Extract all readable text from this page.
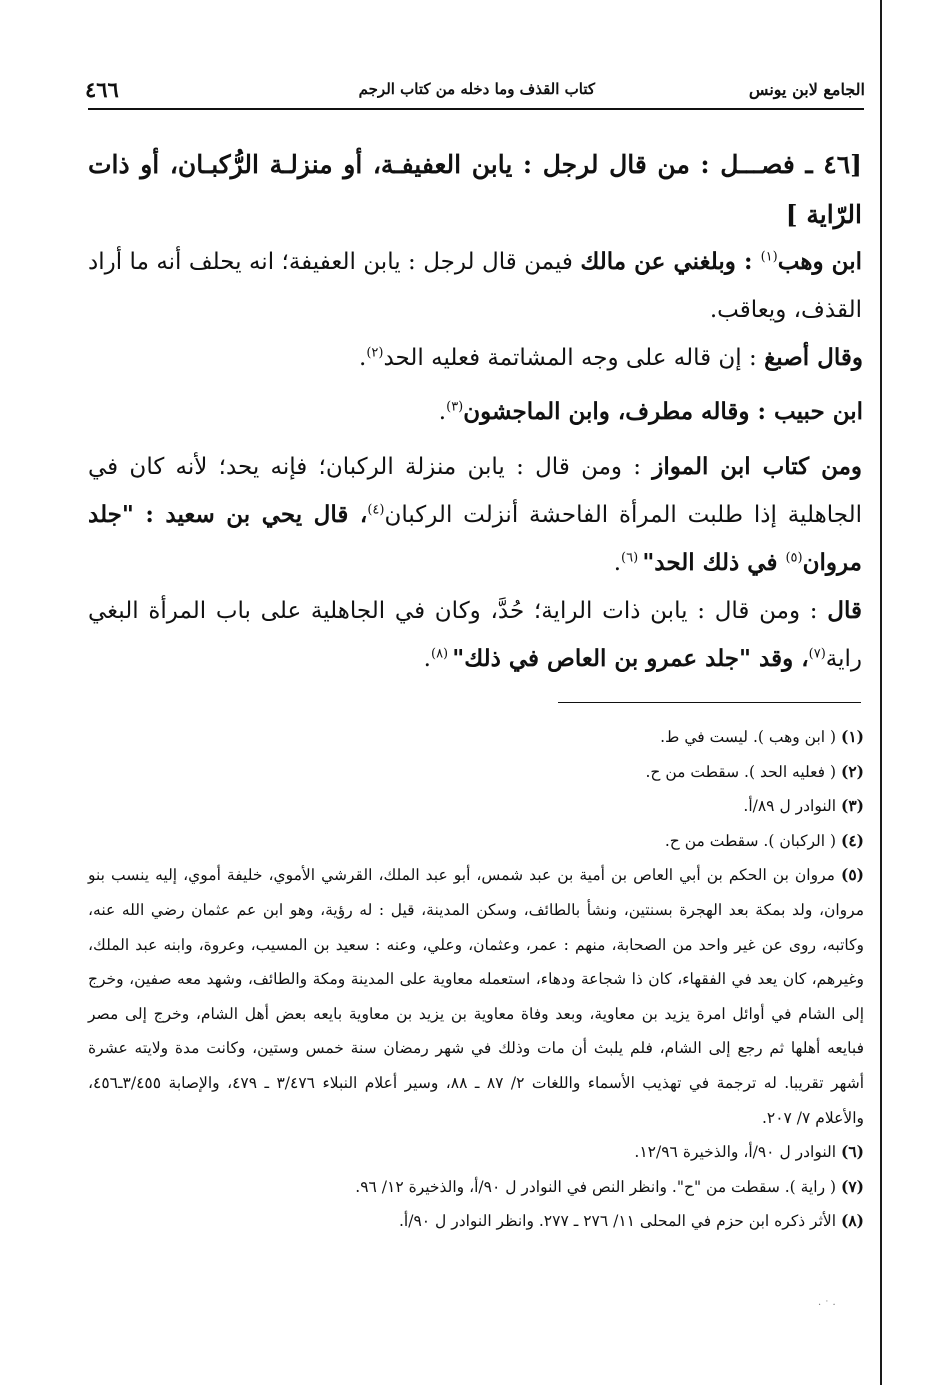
الجامع لابن يونس
كتاب القذف وما دخله من كتاب الرجم
٤٦٦

[٤٦ ـ فصـــل : من قال لرجل : يابن العفيفـة، أو منزلـة الرُّكبـان، أو ذات الرّاية ]

ابن وهب$^{(١)}$ : وبلغني عن مالك فيمن قال لرجل : يابن العفيفة؛ انه يحلف أنه ما أراد القذف، ويعاقب.

وقال أصبغ : إن قاله على وجه المشاتمة فعليه الحد$^{(٢)}$.

ابن حبيب : وقاله مطرف، وابن الماجشون$^{(٣)}$.

ومن كتاب ابن المواز : ومن قال : يابن منزلة الركبان؛ فإنه يحد؛ لأنه كان في الجاهلية إذا طلبت المرأة الفاحشة أنزلت الركبان$^{(٤)}$، قال يحي بن سعيد : "جلد مروان$^{(٥)}$ في ذلك الحد" $^{(٦)}$.

قال : ومن قال : يابن ذات الراية؛ حُدَّ، وكان في الجاهلية على باب المرأة البغي راية$^{(٧)}$، وقد "جلد عمرو بن العاص في ذلك" $^{(٨)}$.

(١) ( ابن وهب ). ليست في ط.

(٢) ( فعليه الحد ). سقطت من ح.

(٣) النوادر ل ٨٩/أ.

(٤) ( الركبان ). سقطت من ح.

(٥) مروان بن الحكم بن أبي العاص بن أمية بن عبد شمس، أبو عبد الملك، القرشي الأموي، خليفة أموي، إليه ينسب بنو مروان، ولد بمكة بعد الهجرة بسنتين، ونشأ بالطائف، وسكن المدينة، قيل : له رؤية، وهو ابن عم عثمان رضي الله عنه، وكاتبه، روى عن غير واحد من الصحابة، منهم : عمر، وعثمان، وعلي، وعنه : سعيد بن المسيب، وعروة، وابنه عبد الملك، وغيرهم، كان يعد في الفقهاء، كان ذا شجاعة ودهاء، استعمله معاوية على المدينة ومكة والطائف، وشهد معه صفين، وخرج إلى الشام في أوائل امرة يزيد بن معاوية، وبعد وفاة معاوية بن يزيد بن معاوية بايعه بعض أهل الشام، وخرج إلى مصر فبايعه أهلها ثم رجع إلى الشام، فلم يلبث أن مات وذلك في شهر رمضان سنة خمس وستين، وكانت مدة ولايته عشرة أشهر تقريبا. له ترجمة في تهذيب الأسماء واللغات ٢/ ٨٧ ـ ٨٨، وسير أعلام النبلاء ٣/٤٧٦ ـ ٤٧٩، والإصابة ٣/٤٥٥ـ٤٥٦، والأعلام ٧/ ٢٠٧.

(٦) النوادر ل ٩٠/أ، والذخيرة ١٢/٩٦.

(٧) ( راية ). سقطت من "ح". وانظر النص في النوادر ل ٩٠/أ، والذخيرة ١٢/ ٩٦.

(٨) الأثر ذكره ابن حزم في المحلى ١١/ ٢٧٦ ـ ٢٧٧. وانظر النوادر ل ٩٠/أ.

· ˙ ·
